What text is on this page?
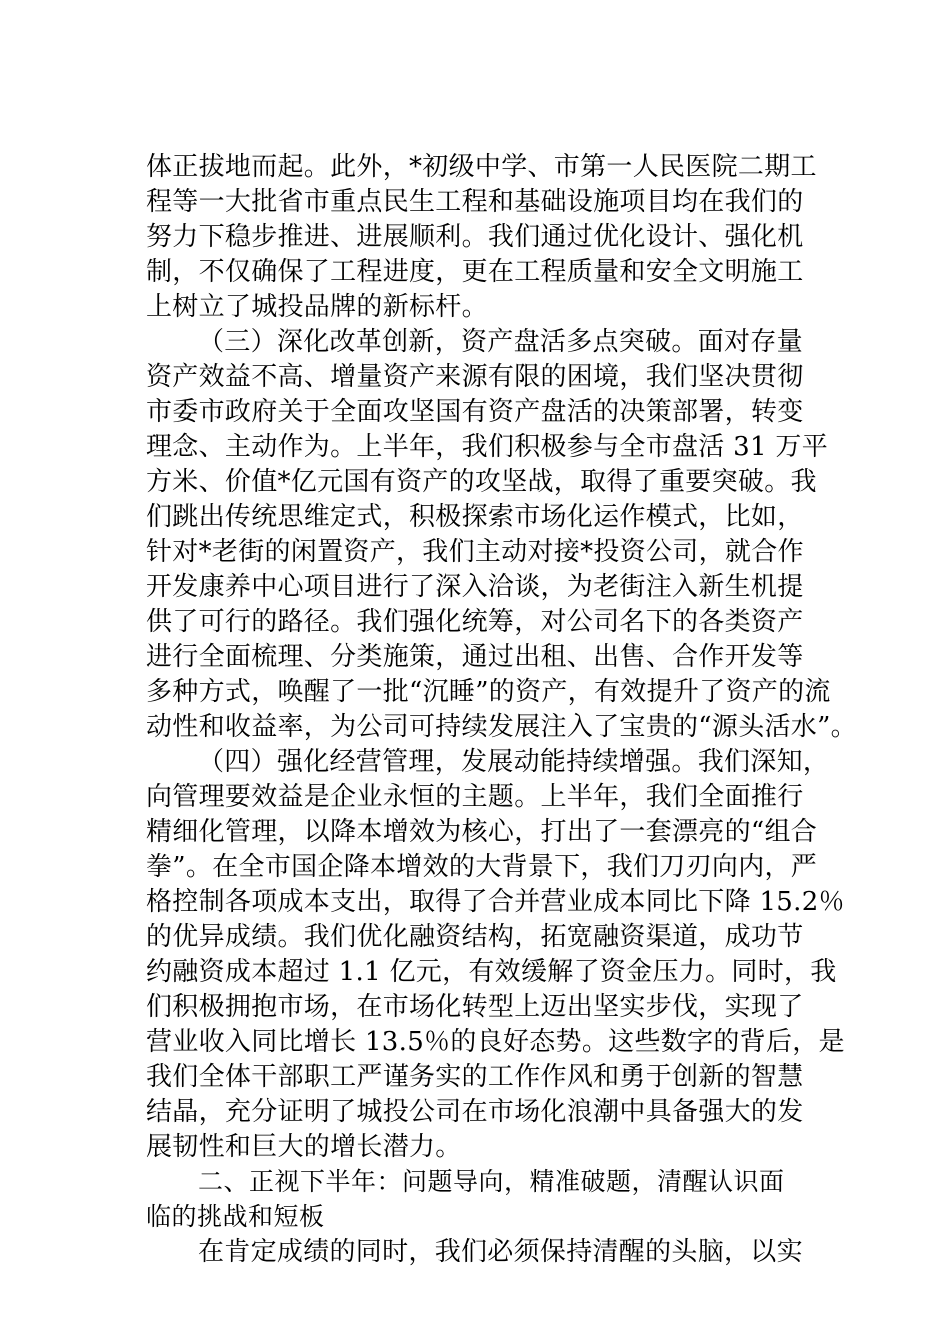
体正拔地而起。此外，*初级中学、市第一人民医院二期工
程等一大批省市重点民生工程和基础设施项目均在我们的
努力下稳步推进、进展顺利。我们通过优化设计、强化机
制，不仅确保了工程进度，更在工程质量和安全文明施工
上树立了城投品牌的新标杆。
（三）深化改革创新，资产盘活多点突破。面对存量
资产效益不高、增量资产来源有限的困境，我们坚决贯彻
市委市政府关于全面攻坚国有资产盘活的决策部署，转变
理念、主动作为。上半年，我们积极参与全市盘活 31 万平
方米、价值*亿元国有资产的攻坚战，取得了重要突破。我
们跳出传统思维定式，积极探索市场化运作模式，比如，
针对*老街的闲置资产，我们主动对接*投资公司，就合作
开发康养中心项目进行了深入洽谈，为老街注入新生机提
供了可行的路径。我们强化统筹，对公司名下的各类资产
进行全面梳理、分类施策，通过出租、出售、合作开发等
多种方式，唤醒了一批“沉睡”的资产，有效提升了资产的流
动性和收益率，为公司可持续发展注入了宝贵的“源头活水”。
（四）强化经营管理，发展动能持续增强。我们深知，
向管理要效益是企业永恒的主题。上半年，我们全面推行
精细化管理，以降本增效为核心，打出了一套漂亮的“组合
拳”。在全市国企降本增效的大背景下，我们刀刃向内，严
格控制各项成本支出，取得了合并营业成本同比下降 15.2％
的优异成绩。我们优化融资结构，拓宽融资渠道，成功节
约融资成本超过 1.1 亿元，有效缓解了资金压力。同时，我
们积极拥抱市场，在市场化转型上迈出坚实步伐，实现了
营业收入同比增长 13.5％的良好态势。这些数字的背后，是
我们全体干部职工严谨务实的工作作风和勇于创新的智慧
结晶，充分证明了城投公司在市场化浪潮中具备强大的发
展韧性和巨大的增长潜力。
二、正视下半年：问题导向，精准破题，清醒认识面
临的挑战和短板
在肯定成绩的同时，我们必须保持清醒的头脑，以实
